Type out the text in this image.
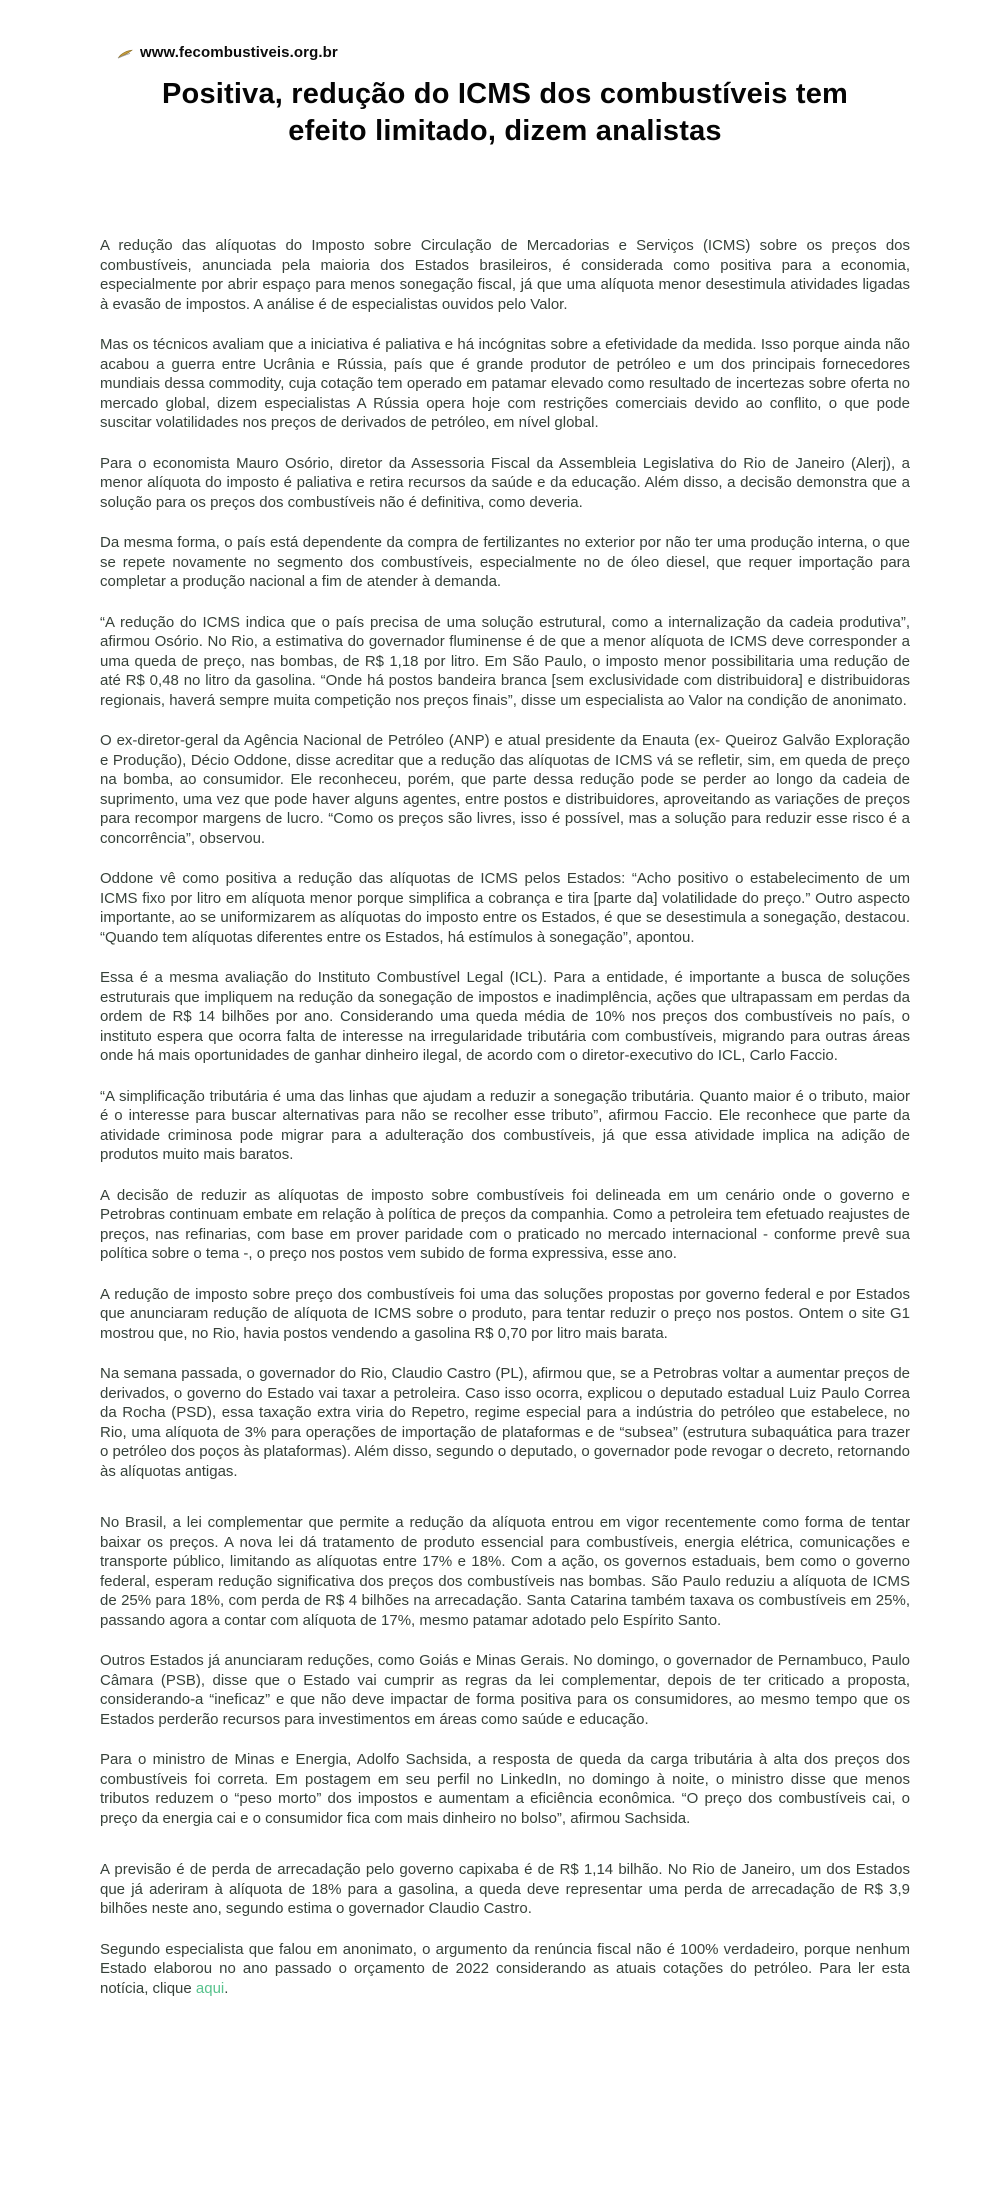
www.fecombustiveis.org.br
Positiva, redução do ICMS dos combustíveis tem
efeito limitado, dizem analistas

A redução das alíquotas do Imposto sobre Circulação de Mercadorias e Serviços (ICMS) sobre os preços dos combustíveis, anunciada pela maioria dos Estados brasileiros, é considerada como positiva para a economia, especialmente por abrir espaço para menos sonegação fiscal, já que uma alíquota menor desestimula atividades ligadas à evasão de impostos. A análise é de especialistas ouvidos pelo Valor.

Mas os técnicos avaliam que a iniciativa é paliativa e há incógnitas sobre a efetividade da medida. Isso porque ainda não acabou a guerra entre Ucrânia e Rússia, país que é grande produtor de petróleo e um dos principais fornecedores mundiais dessa commodity, cuja cotação tem operado em patamar elevado como resultado de incertezas sobre oferta no mercado global, dizem especialistas A Rússia opera hoje com restrições comerciais devido ao conflito, o que pode suscitar volatilidades nos preços de derivados de petróleo, em nível global.

Para o economista Mauro Osório, diretor da Assessoria Fiscal da Assembleia Legislativa do Rio de Janeiro (Alerj), a menor alíquota do imposto é paliativa e retira recursos da saúde e da educação. Além disso, a decisão demonstra que a solução para os preços dos combustíveis não é definitiva, como deveria.

Da mesma forma, o país está dependente da compra de fertilizantes no exterior por não ter uma produção interna, o que se repete novamente no segmento dos combustíveis, especialmente no de óleo diesel, que requer importação para completar a produção nacional a fim de atender à demanda.

“A redução do ICMS indica que o país precisa de uma solução estrutural, como a internalização da cadeia produtiva”, afirmou Osório. No Rio, a estimativa do governador fluminense é de que a menor alíquota de ICMS deve corresponder a uma queda de preço, nas bombas, de R$ 1,18 por litro. Em São Paulo, o imposto menor possibilitaria uma redução de até R$ 0,48 no litro da gasolina. “Onde há postos bandeira branca [sem exclusividade com distribuidora] e distribuidoras regionais, haverá sempre muita competição nos preços finais”, disse um especialista ao Valor na condição de anonimato.

O ex-diretor-geral da Agência Nacional de Petróleo (ANP) e atual presidente da Enauta (ex- Queiroz Galvão Exploração e Produção), Décio Oddone, disse acreditar que a redução das alíquotas de ICMS vá se refletir, sim, em queda de preço na bomba, ao consumidor. Ele reconheceu, porém, que parte dessa redução pode se perder ao longo da cadeia de suprimento, uma vez que pode haver alguns agentes, entre postos e distribuidores, aproveitando as variações de preços para recompor margens de lucro. “Como os preços são livres, isso é possível, mas a solução para reduzir esse risco é a concorrência”, observou.

Oddone vê como positiva a redução das alíquotas de ICMS pelos Estados: “Acho positivo o estabelecimento de um ICMS fixo por litro em alíquota menor porque simplifica a cobrança e tira [parte da] volatilidade do preço.” Outro aspecto importante, ao se uniformizarem as alíquotas do imposto entre os Estados, é que se desestimula a sonegação, destacou. “Quando tem alíquotas diferentes entre os Estados, há estímulos à sonegação”, apontou.

Essa é a mesma avaliação do Instituto Combustível Legal (ICL). Para a entidade, é importante a busca de soluções estruturais que impliquem na redução da sonegação de impostos e inadimplência, ações que ultrapassam em perdas da ordem de R$ 14 bilhões por ano. Considerando uma queda média de 10% nos preços dos combustíveis no país, o instituto espera que ocorra falta de interesse na irregularidade tributária com combustíveis, migrando para outras áreas onde há mais oportunidades de ganhar dinheiro ilegal, de acordo com o diretor-executivo do ICL, Carlo Faccio.

“A simplificação tributária é uma das linhas que ajudam a reduzir a sonegação tributária. Quanto maior é o tributo, maior é o interesse para buscar alternativas para não se recolher esse tributo”, afirmou Faccio. Ele reconhece que parte da atividade criminosa pode migrar para a adulteração dos combustíveis, já que essa atividade implica na adição de produtos muito mais baratos.

A decisão de reduzir as alíquotas de imposto sobre combustíveis foi delineada em um cenário onde o governo e Petrobras continuam embate em relação à política de preços da companhia. Como a petroleira tem efetuado reajustes de preços, nas refinarias, com base em prover paridade com o praticado no mercado internacional - conforme prevê sua política sobre o tema -, o preço nos postos vem subido de forma expressiva, esse ano.

A redução de imposto sobre preço dos combustíveis foi uma das soluções propostas por governo federal e por Estados que anunciaram redução de alíquota de ICMS sobre o produto, para tentar reduzir o preço nos postos. Ontem o site G1 mostrou que, no Rio, havia postos vendendo a gasolina R$ 0,70 por litro mais barata.

Na semana passada, o governador do Rio, Claudio Castro (PL), afirmou que, se a Petrobras voltar a aumentar preços de derivados, o governo do Estado vai taxar a petroleira. Caso isso ocorra, explicou o deputado estadual Luiz Paulo Correa da Rocha (PSD), essa taxação extra viria do Repetro, regime especial para a indústria do petróleo que estabelece, no Rio, uma alíquota de 3% para operações de importação de plataformas e de “subsea” (estrutura subaquática para trazer o petróleo dos poços às plataformas). Além disso, segundo o deputado, o governador pode revogar o decreto, retornando às alíquotas antigas.

No Brasil, a lei complementar que permite a redução da alíquota entrou em vigor recentemente como forma de tentar baixar os preços. A nova lei dá tratamento de produto essencial para combustíveis, energia elétrica, comunicações e transporte público, limitando as alíquotas entre 17% e 18%. Com a ação, os governos estaduais, bem como o governo federal, esperam redução significativa dos preços dos combustíveis nas bombas. São Paulo reduziu a alíquota de ICMS de 25% para 18%, com perda de R$ 4 bilhões na arrecadação. Santa Catarina também taxava os combustíveis em 25%, passando agora a contar com alíquota de 17%, mesmo patamar adotado pelo Espírito Santo.

Outros Estados já anunciaram reduções, como Goiás e Minas Gerais. No domingo, o governador de Pernambuco, Paulo Câmara (PSB), disse que o Estado vai cumprir as regras da lei complementar, depois de ter criticado a proposta, considerando-a “ineficaz” e que não deve impactar de forma positiva para os consumidores, ao mesmo tempo que os Estados perderão recursos para investimentos em áreas como saúde e educação.

Para o ministro de Minas e Energia, Adolfo Sachsida, a resposta de queda da carga tributária à alta dos preços dos combustíveis foi correta. Em postagem em seu perfil no LinkedIn, no domingo à noite, o ministro disse que menos tributos reduzem o “peso morto” dos impostos e aumentam a eficiência econômica. “O preço dos combustíveis cai, o preço da energia cai e o consumidor fica com mais dinheiro no bolso”, afirmou Sachsida.

A previsão é de perda de arrecadação pelo governo capixaba é de R$ 1,14 bilhão. No Rio de Janeiro, um dos Estados que já aderiram à alíquota de 18% para a gasolina, a queda deve representar uma perda de arrecadação de R$ 3,9 bilhões neste ano, segundo estima o governador Claudio Castro.

Segundo especialista que falou em anonimato, o argumento da renúncia fiscal não é 100% verdadeiro, porque nenhum Estado elaborou no ano passado o orçamento de 2022 considerando as atuais cotações do petróleo. Para ler esta notícia, clique aqui.
